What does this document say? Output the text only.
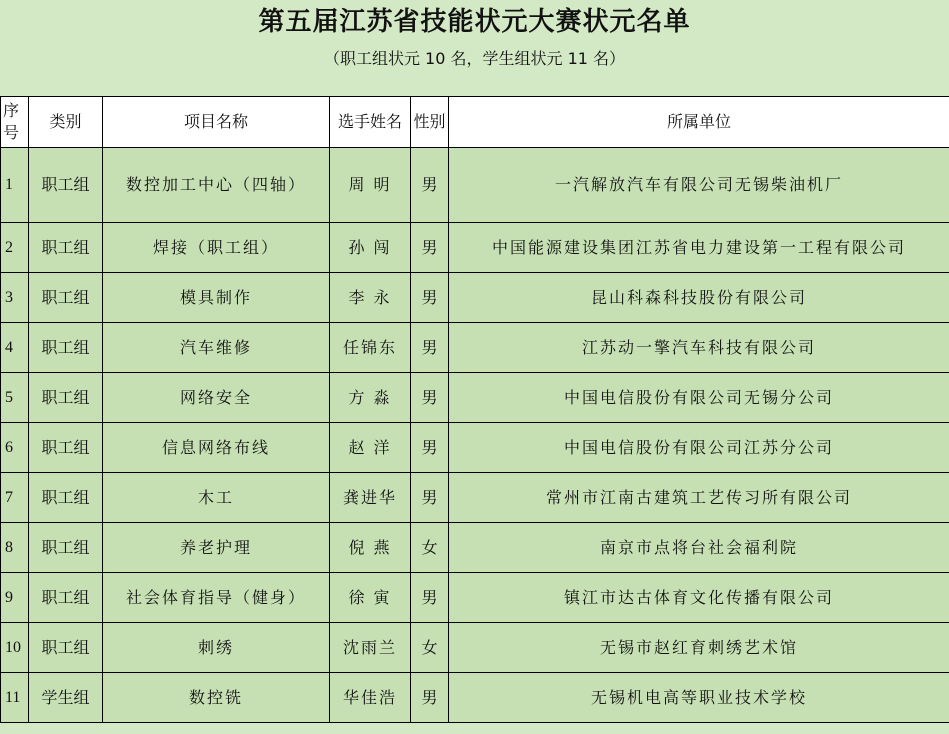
第五届江苏省技能状元大赛状元名单
（职工组状元 10 名，学生组状元 11 名）
序号	类别	项目名称	选手姓名	性别	所属单位
1	职工组	数控加工中心（四轴）	周 明	男	一汽解放汽车有限公司无锡柴油机厂
2	职工组	焊接（职工组）	孙 闯	男	中国能源建设集团江苏省电力建设第一工程有限公司
3	职工组	模具制作	李 永	男	昆山科森科技股份有限公司
4	职工组	汽车维修	任锦东	男	江苏动一擎汽车科技有限公司
5	职工组	网络安全	方 淼	男	中国电信股份有限公司无锡分公司
6	职工组	信息网络布线	赵 洋	男	中国电信股份有限公司江苏分公司
7	职工组	木工	龚进华	男	常州市江南古建筑工艺传习所有限公司
8	职工组	养老护理	倪 燕	女	南京市点将台社会福利院
9	职工组	社会体育指导（健身）	徐 寅	男	镇江市达古体育文化传播有限公司
10	职工组	刺绣	沈雨兰	女	无锡市赵红育刺绣艺术馆
11	学生组	数控铣	华佳浩	男	无锡机电高等职业技术学校
